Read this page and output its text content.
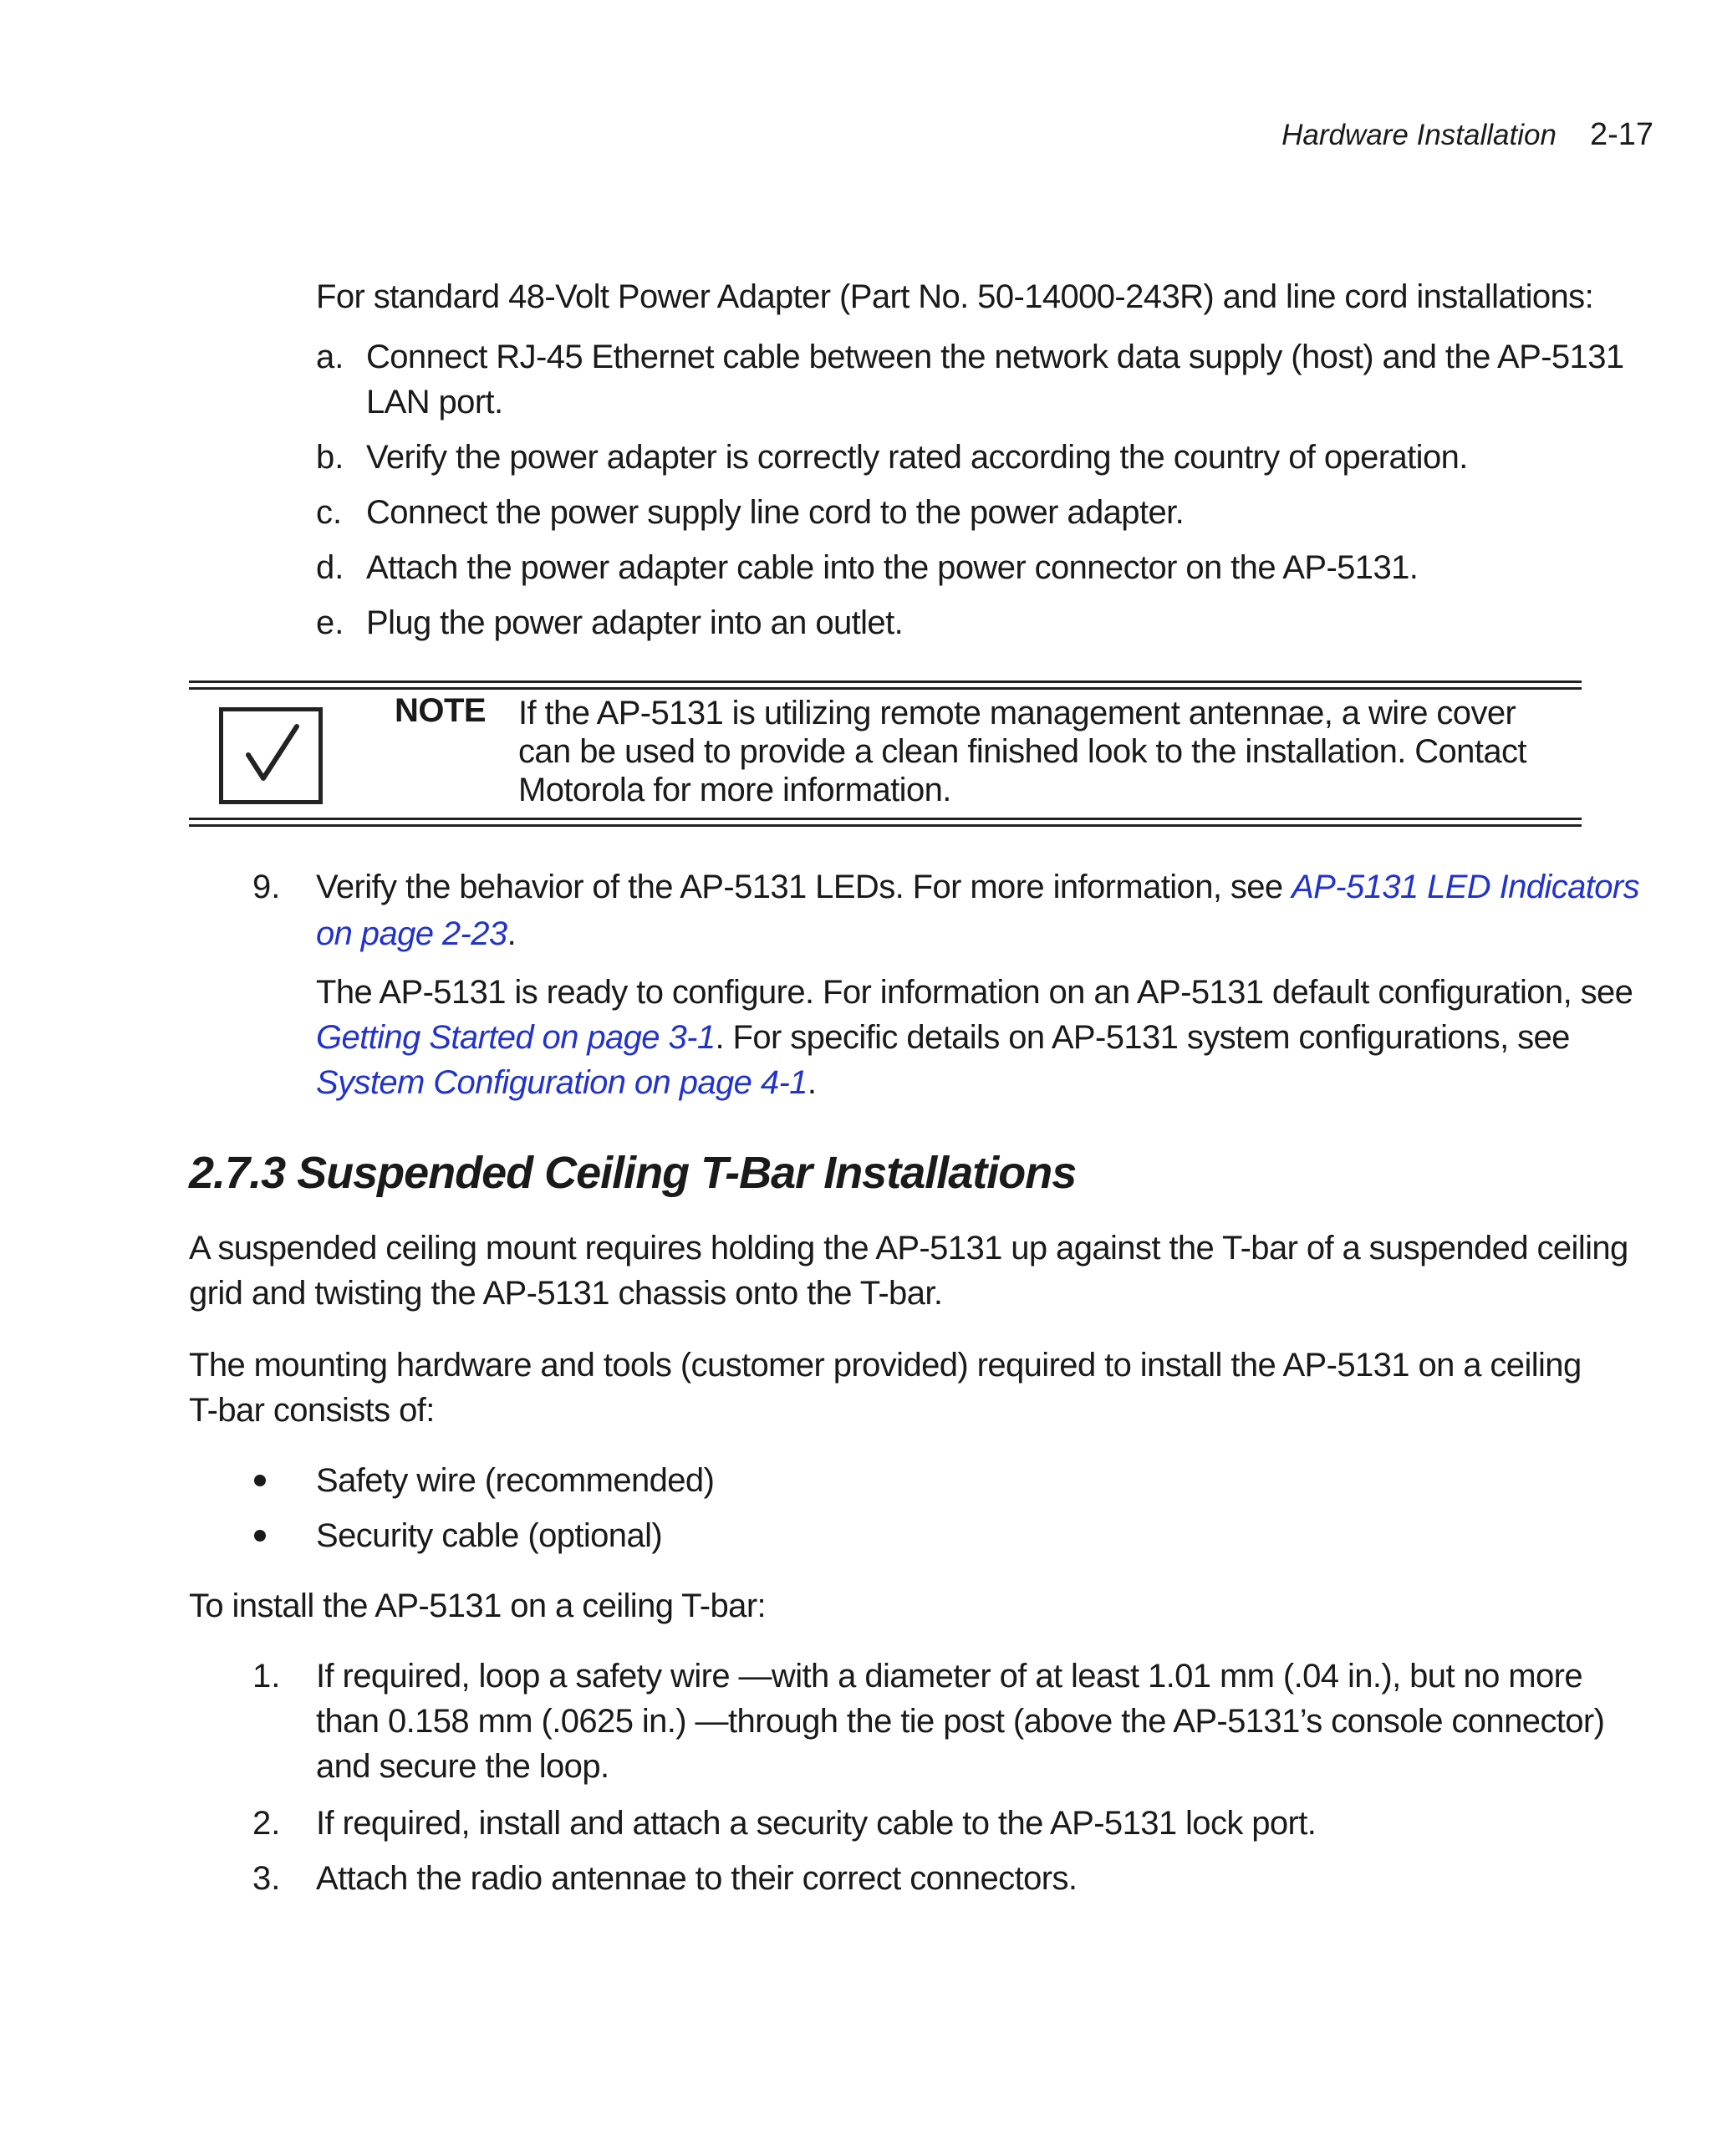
Hardware Installation 2-17
For standard 48-Volt Power Adapter (Part No. 50-14000-243R) and line cord installations:
a. Connect RJ-45 Ethernet cable between the network data supply (host) and the AP-5131
LAN port.
b. Verify the power adapter is correctly rated according the country of operation.
c. Connect the power supply line cord to the power adapter.
d. Attach the power adapter cable into the power connector on the AP-5131.
e. Plug the power adapter into an outlet.
NOTE If the AP-5131 is utilizing remote management antennae, a wire cover
can be used to provide a clean finished look to the installation. Contact
Motorola for more information.
9. Verify the behavior of the AP-5131 LEDs. For more information, see AP-5131 LED Indicators
on page 2-23.
The AP-5131 is ready to configure. For information on an AP-5131 default configuration, see
Getting Started on page 3-1. For specific details on AP-5131 system configurations, see
System Configuration on page 4-1.
2.7.3 Suspended Ceiling T-Bar Installations
A suspended ceiling mount requires holding the AP-5131 up against the T-bar of a suspended ceiling
grid and twisting the AP-5131 chassis onto the T-bar.
The mounting hardware and tools (customer provided) required to install the AP-5131 on a ceiling
T-bar consists of:
Safety wire (recommended)
Security cable (optional)
To install the AP-5131 on a ceiling T-bar:
1. If required, loop a safety wire —with a diameter of at least 1.01 mm (.04 in.), but no more
than 0.158 mm (.0625 in.) —through the tie post (above the AP-5131’s console connector)
and secure the loop.
2. If required, install and attach a security cable to the AP-5131 lock port.
3. Attach the radio antennae to their correct connectors.
